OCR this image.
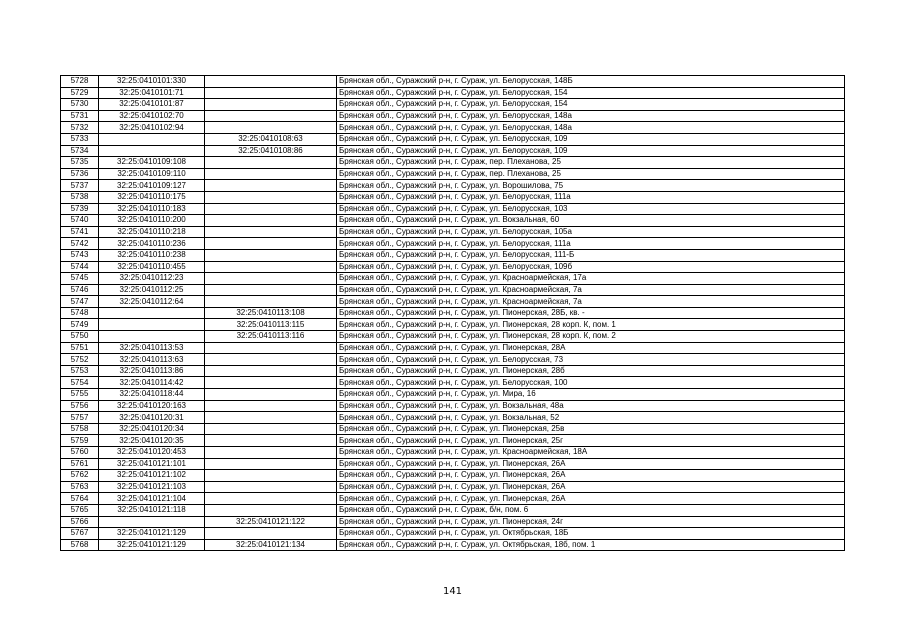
5728	32:25:0410101:330		Брянская обл., Суражский р-н, г. Сураж, ул. Белорусская, 148Б
5729	32:25:0410101:71		Брянская обл., Суражский р-н, г. Сураж, ул. Белорусская, 154
5730	32:25:0410101:87		Брянская обл., Суражский р-н, г. Сураж, ул. Белорусская, 154
5731	32:25:0410102:70		Брянская обл., Суражский р-н, г. Сураж, ул. Белорусская, 148а
5732	32:25:0410102:94		Брянская обл., Суражский р-н, г. Сураж, ул. Белорусская, 148а
5733		32:25:0410108:63	Брянская обл., Суражский р-н, г. Сураж, ул. Белорусская, 109
5734		32:25:0410108:86	Брянская обл., Суражский р-н, г. Сураж, ул. Белорусская, 109
5735	32:25:0410109:108		Брянская обл., Суражский р-н, г. Сураж, пер. Плеханова, 25
5736	32:25:0410109:110		Брянская обл., Суражский р-н, г. Сураж, пер. Плеханова, 25
5737	32:25:0410109:127		Брянская обл., Суражский р-н, г. Сураж, ул. Ворошилова, 75
5738	32:25:0410110:175		Брянская обл., Суражский р-н, г. Сураж, ул. Белорусская, 111а
5739	32:25:0410110:183		Брянская обл., Суражский р-н, г. Сураж, ул. Белорусская, 103
5740	32:25:0410110:200		Брянская обл., Суражский р-н, г. Сураж, ул. Вокзальная, 60
5741	32:25:0410110:218		Брянская обл., Суражский р-н, г. Сураж, ул. Белорусская, 105а
5742	32:25:0410110:236		Брянская обл., Суражский р-н, г. Сураж, ул. Белорусская, 111а
5743	32:25:0410110:238		Брянская обл., Суражский р-н, г. Сураж, ул. Белорусская, 111-Б
5744	32:25:0410110:455		Брянская обл., Суражский р-н, г. Сураж, ул. Белорусская, 109б
5745	32:25:0410112:23		Брянская обл., Суражский р-н, г. Сураж, ул. Красноармейская, 17а
5746	32:25:0410112:25		Брянская обл., Суражский р-н, г. Сураж, ул. Красноармейская, 7а
5747	32:25:0410112:64		Брянская обл., Суражский р-н, г. Сураж, ул. Красноармейская, 7а
5748		32:25:0410113:108	Брянская обл., Суражский р-н, г. Сураж, ул. Пионерская, 28Б, кв. -
5749		32:25:0410113:115	Брянская обл., Суражский р-н, г. Сураж, ул. Пионерская, 28 корп. К, пом. 1
5750		32:25:0410113:116	Брянская обл., Суражский р-н, г. Сураж, ул. Пионерская, 28 корп. К, пом. 2
5751	32:25:0410113:53		Брянская обл., Суражский р-н, г. Сураж, ул. Пионерская, 28А
5752	32:25:0410113:63		Брянская обл., Суражский р-н, г. Сураж, ул. Белорусская, 73
5753	32:25:0410113:86		Брянская обл., Суражский р-н, г. Сураж, ул. Пионерская, 28б
5754	32:25:0410114:42		Брянская обл., Суражский р-н, г. Сураж, ул. Белорусская, 100
5755	32:25:0410118:44		Брянская обл., Суражский р-н, г. Сураж, ул. Мира, 16
5756	32:25:0410120:163		Брянская обл., Суражский р-н, г. Сураж, ул. Вокзальная, 48а
5757	32:25:0410120:31		Брянская обл., Суражский р-н, г. Сураж, ул. Вокзальная, 52
5758	32:25:0410120:34		Брянская обл., Суражский р-н, г. Сураж, ул. Пионерская, 25в
5759	32:25:0410120:35		Брянская обл., Суражский р-н, г. Сураж, ул. Пионерская, 25г
5760	32:25:0410120:453		Брянская обл., Суражский р-н, г. Сураж, ул. Красноармейская, 18А
5761	32:25:0410121:101		Брянская обл., Суражский р-н, г. Сураж, ул. Пионерская, 26А
5762	32:25:0410121:102		Брянская обл., Суражский р-н, г. Сураж, ул. Пионерская, 26А
5763	32:25:0410121:103		Брянская обл., Суражский р-н, г. Сураж, ул. Пионерская, 26А
5764	32:25:0410121:104		Брянская обл., Суражский р-н, г. Сураж, ул. Пионерская, 26А
5765	32:25:0410121:118		Брянская обл., Суражский р-н, г. Сураж, б/н, пом. 6
5766		32:25:0410121:122	Брянская обл., Суражский р-н, г. Сураж, ул. Пионерская, 24г
5767	32:25:0410121:129		Брянская обл., Суражский р-н, г. Сураж, ул. Октябрьская, 18Б
5768	32:25:0410121:129	32:25:0410121:134	Брянская обл., Суражский р-н, г. Сураж, ул. Октябрьская, 18б, пом. 1
141
